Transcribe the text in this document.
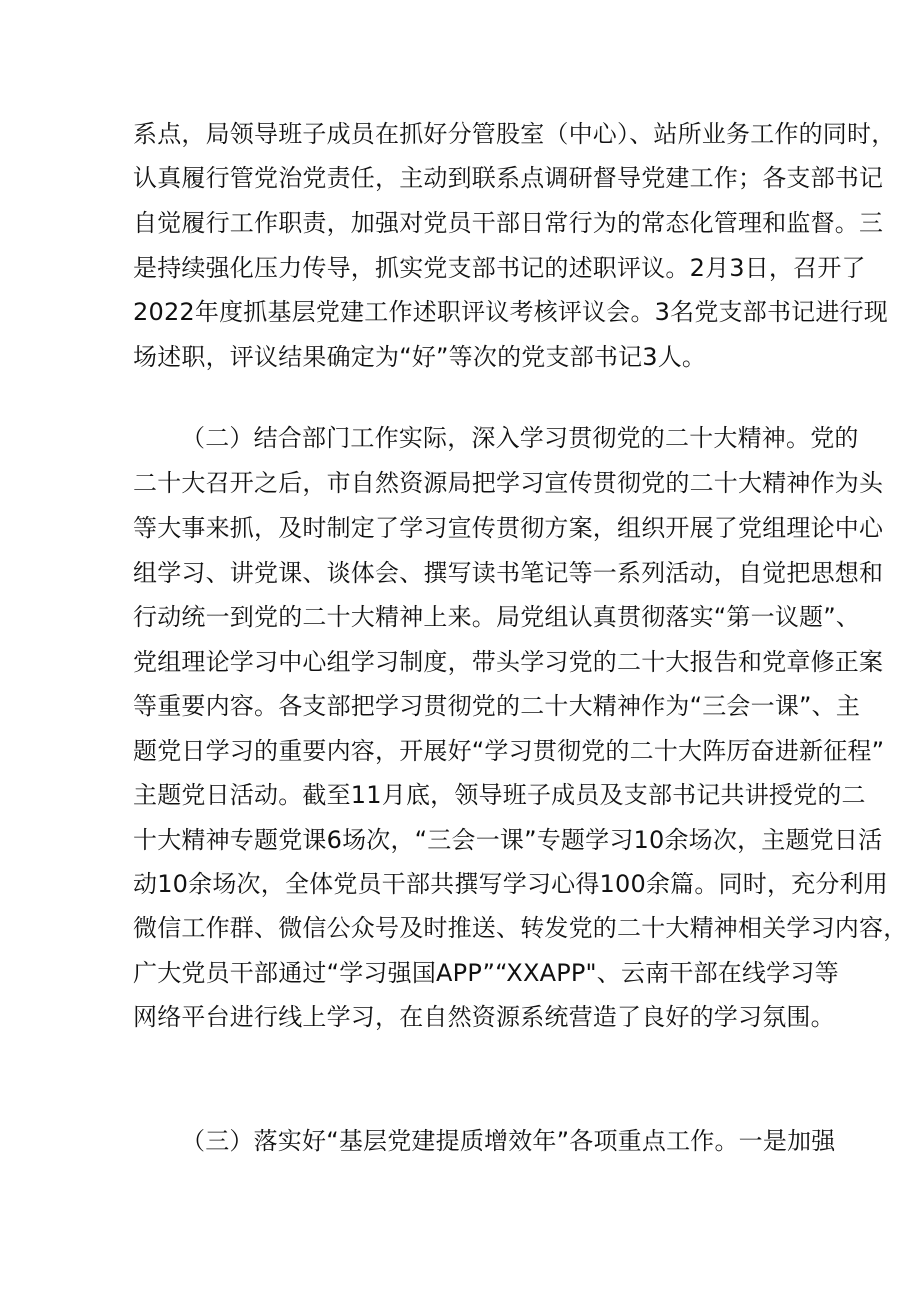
系点，局领导班子成员在抓好分管股室（中心）、站所业务工作的同时，
认真履行管党治党责任，主动到联系点调研督导党建工作；各支部书记
自觉履行工作职责，加强对党员干部日常行为的常态化管理和监督。三
是持续强化压力传导，抓实党支部书记的述职评议。2月3日，召开了
2022年度抓基层党建工作述职评议考核评议会。3名党支部书记进行现
场述职，评议结果确定为“好”等次的党支部书记3人。
（二）结合部门工作实际，深入学习贯彻党的二十大精神。党的
二十大召开之后，市自然资源局把学习宣传贯彻党的二十大精神作为头
等大事来抓，及时制定了学习宣传贯彻方案，组织开展了党组理论中心
组学习、讲党课、谈体会、撰写读书笔记等一系列活动，自觉把思想和
行动统一到党的二十大精神上来。局党组认真贯彻落实“第一议题”、
党组理论学习中心组学习制度，带头学习党的二十大报告和党章修正案
等重要内容。各支部把学习贯彻党的二十大精神作为“三会一课”、主
题党日学习的重要内容，开展好“学习贯彻党的二十大阵厉奋进新征程”
主题党日活动。截至11月底，领导班子成员及支部书记共讲授党的二
十大精神专题党课6场次，“三会一课”专题学习10余场次，主题党日活
动10余场次，全体党员干部共撰写学习心得100余篇。同时，充分利用
微信工作群、微信公众号及时推送、转发党的二十大精神相关学习内容，
广大党员干部通过“学习强国APP”“XXAPP"、云南干部在线学习等
网络平台进行线上学习，在自然资源系统营造了良好的学习氛围。
（三）落实好“基层党建提质增效年”各项重点工作。一是加强
